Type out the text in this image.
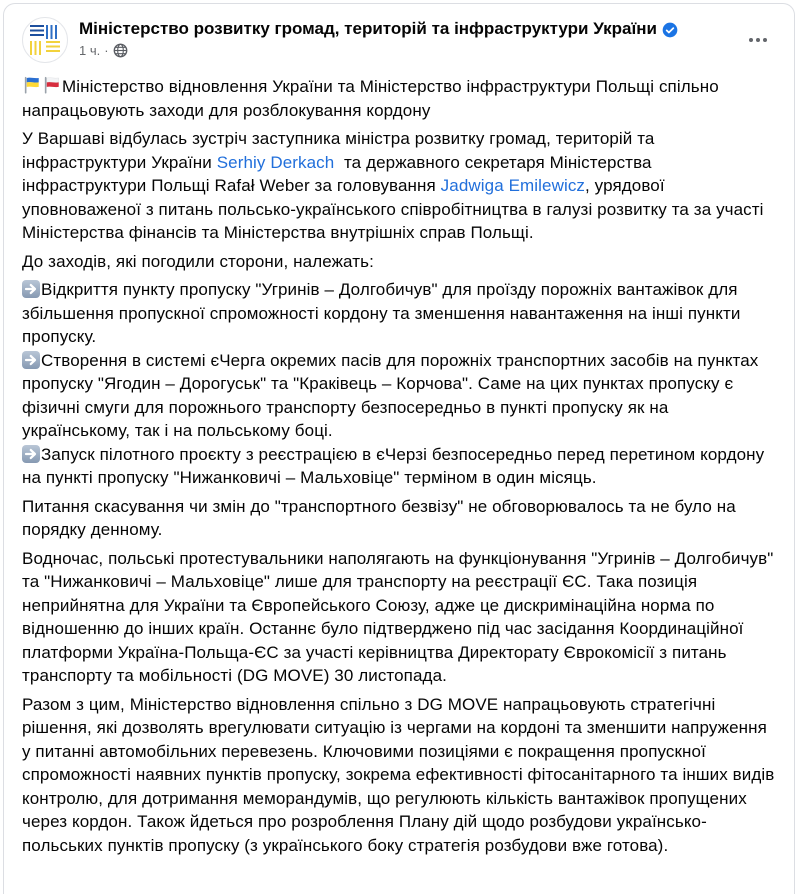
Міністерство розвитку громад, територій та інфраструктури України
1 ч. ·
Міністерство відновлення України та Міністерство інфраструктури Польщі спільно напрацьовують заходи для розблокування кордону
У Варшаві відбулась зустріч заступника міністра розвитку громад, територій та інфраструктури України Serhiy Derkach  та державного секретаря Міністерства інфраструктури Польщі Rafał Weber за головування Jadwiga Emilewicz, урядової уповноваженої з питань польсько-українського співробітництва в галузі розвитку та за участі Міністерства фінансів та Міністерства внутрішніх справ Польщі.
До заходів, які погодили сторони, належать:
Відкриття пункту пропуску "Угринів – Долгобичув" для проїзду порожніх вантажівок для збільшення пропускної спроможності кордону та зменшення навантаження на інші пункти пропуску.
Створення в системі єЧерга окремих пасів для порожніх транспортних засобів на пунктах пропуску "Ягодин – Дорогуськ" та "Краківець – Корчова". Саме на цих пунктах пропуску є фізичні смуги для порожнього транспорту безпосередньо в пункті пропуску як на українському, так і на польському боці.
Запуск пілотного проєкту з реєстрацією в єЧерзі безпосередньо перед перетином кордону на пункті пропуску "Нижанковичі – Мальховіце" терміном в один місяць.
Питання скасування чи змін до "транспортного безвізу" не обговорювалось та не було на порядку денному.
Водночас, польські протестувальники наполягають на функціонування "Угринів – Долгобичув" та "Нижанковичі – Мальховіце" лише для транспорту на реєстрації ЄС. Така позиція неприйнятна для України та Європейського Союзу, адже це дискримінаційна норма по відношенню до інших країн. Останнє було підтверджено під час засідання Координаційної платформи Україна-Польща-ЄС за участі керівництва Директорату Єврокомісії з питань транспорту та мобільності (DG MOVE) 30 листопада.
Разом з цим, Міністерство відновлення спільно з DG MOVE напрацьовують стратегічні рішення, які дозволять врегулювати ситуацію із чергами на кордоні та зменшити напруження у питанні автомобільних перевезень. Ключовими позиціями є покращення пропускної спроможності наявних пунктів пропуску, зокрема ефективності фітосанітарного та інших видів контролю, для дотримання меморандумів, що регулюють кількість вантажівок пропущених через кордон. Також йдеться про розроблення Плану дій щодо розбудови українсько-польських пунктів пропуску (з українського боку стратегія розбудови вже готова).
